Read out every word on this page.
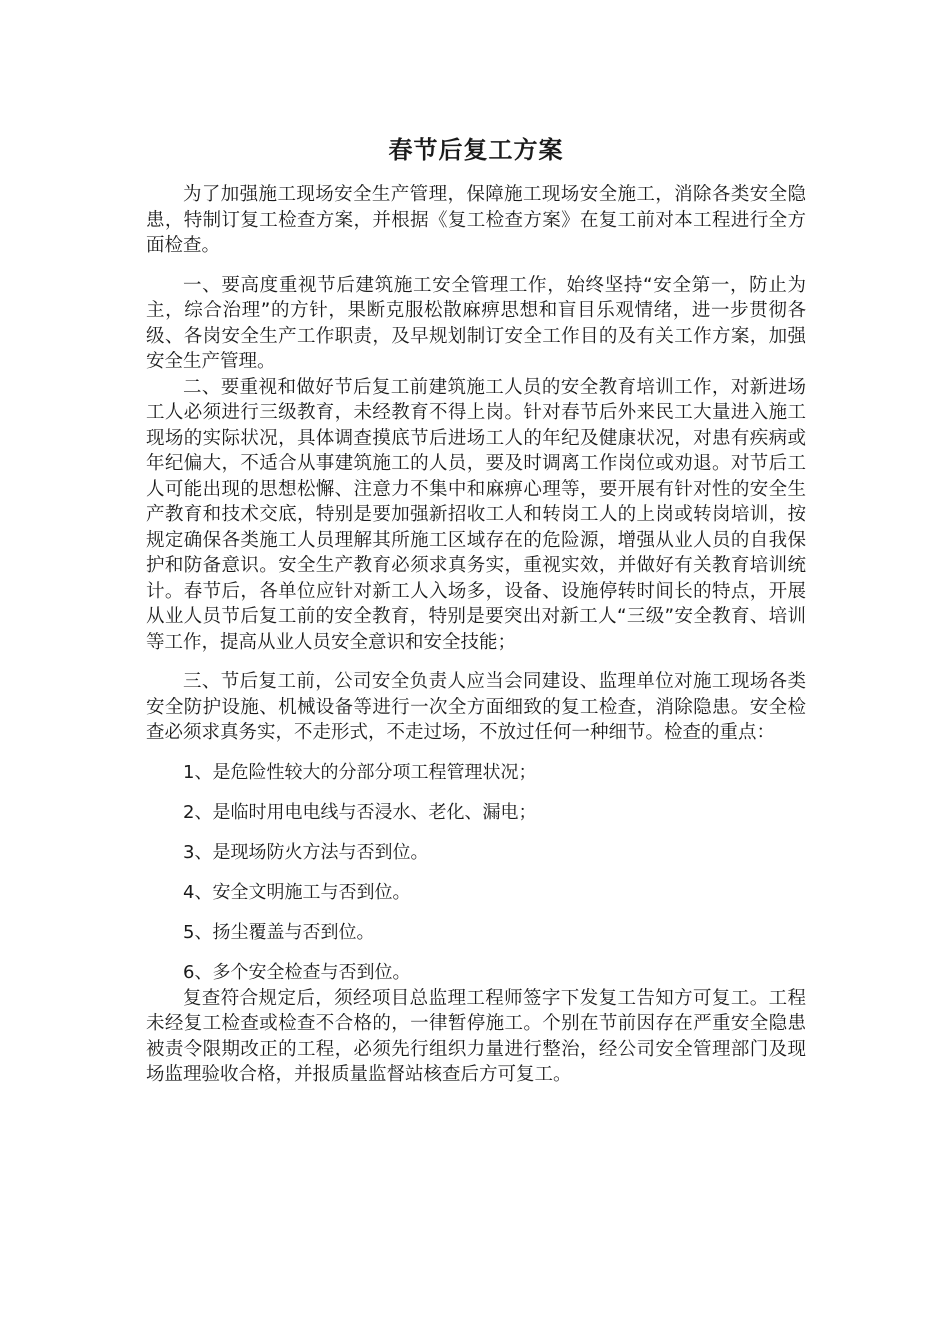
春节后复工方案

为了加强施工现场安全生产管理，保障施工现场安全施工，消除各类安全隐患，特制订复工检查方案，并根据《复工检查方案》在复工前对本工程进行全方面检查。

一、要高度重视节后建筑施工安全管理工作，始终坚持“安全第一，防止为主，综合治理”的方针，果断克服松散麻痹思想和盲目乐观情绪，进一步贯彻各级、各岗安全生产工作职责，及早规划制订安全工作目的及有关工作方案，加强安全生产管理。

二、要重视和做好节后复工前建筑施工人员的安全教育培训工作，对新进场工人必须进行三级教育，未经教育不得上岗。针对春节后外来民工大量进入施工现场的实际状况，具体调查摸底节后进场工人的年纪及健康状况，对患有疾病或年纪偏大，不适合从事建筑施工的人员，要及时调离工作岗位或劝退。对节后工人可能出现的思想松懈、注意力不集中和麻痹心理等，要开展有针对性的安全生产教育和技术交底，特别是要加强新招收工人和转岗工人的上岗或转岗培训，按规定确保各类施工人员理解其所施工区域存在的危险源，增强从业人员的自我保护和防备意识。安全生产教育必须求真务实，重视实效，并做好有关教育培训统计。春节后，各单位应针对新工人入场多，设备、设施停转时间长的特点，开展从业人员节后复工前的安全教育，特别是要突出对新工人“三级”安全教育、培训等工作，提高从业人员安全意识和安全技能；

三、节后复工前，公司安全负责人应当会同建设、监理单位对施工现场各类安全防护设施、机械设备等进行一次全方面细致的复工检查，消除隐患。安全检查必须求真务实，不走形式，不走过场，不放过任何一种细节。检查的重点：

1、是危险性较大的分部分项工程管理状况；

2、是临时用电电线与否浸水、老化、漏电；

3、是现场防火方法与否到位。

4、安全文明施工与否到位。

5、扬尘覆盖与否到位。

6、多个安全检查与否到位。

复查符合规定后，须经项目总监理工程师签字下发复工告知方可复工。工程未经复工检查或检查不合格的，一律暂停施工。个别在节前因存在严重安全隐患被责令限期改正的工程，必须先行组织力量进行整治，经公司安全管理部门及现场监理验收合格，并报质量监督站核查后方可复工。
